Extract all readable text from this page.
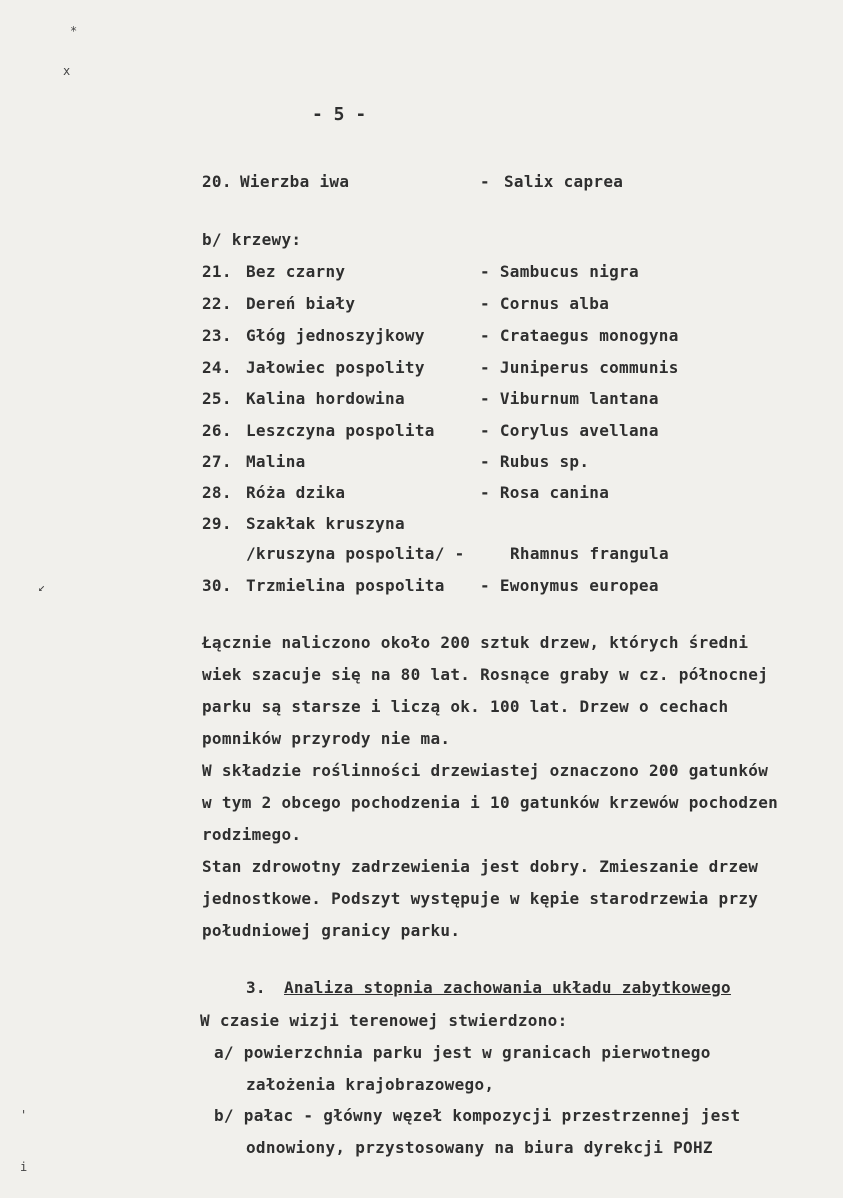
*
x
↙
'
i
- 5 -
20. Wierzba iwa	- Salix caprea
b/ krzewy:
21. Bez czarny	- Sambucus nigra
22. Dereń biały	- Cornus alba
23. Głóg jednoszyjkowy	- Crataegus monogyna
24. Jałowiec pospolity	- Juniperus communis
25. Kalina hordowina	- Viburnum lantana
26. Leszczyna pospolita	- Corylus avellana
27. Malina	- Rubus sp.
28. Róża dzika	- Rosa canina
29. Szakłak kruszyna
/kruszyna pospolita/ -	Rhamnus frangula
30. Trzmielina pospolita - Ewonymus europea
Łącznie naliczono około 200 sztuk drzew, których średni
wiek szacuje się na 80 lat. Rosnące graby w cz. północnej
parku są starsze i liczą ok. 100 lat. Drzew o cechach
pomników przyrody nie ma.
W składzie roślinności drzewiastej oznaczono 200 gatunków
w tym 2 obcego pochodzenia i 10 gatunków krzewów pochodzen
rodzimego.
Stan zdrowotny zadrzewienia jest dobry. Zmieszanie drzew
jednostkowe. Podszyt występuje w kępie starodrzewia przy
południowej granicy parku.
3. Analiza stopnia zachowania układu zabytkowego
W czasie wizji terenowej stwierdzono:
a/ powierzchnia parku jest w granicach pierwotnego
założenia krajobrazowego,
b/ pałac - główny węzeł kompozycji przestrzennej jest
odnowiony, przystosowany na biura dyrekcji POHZ
